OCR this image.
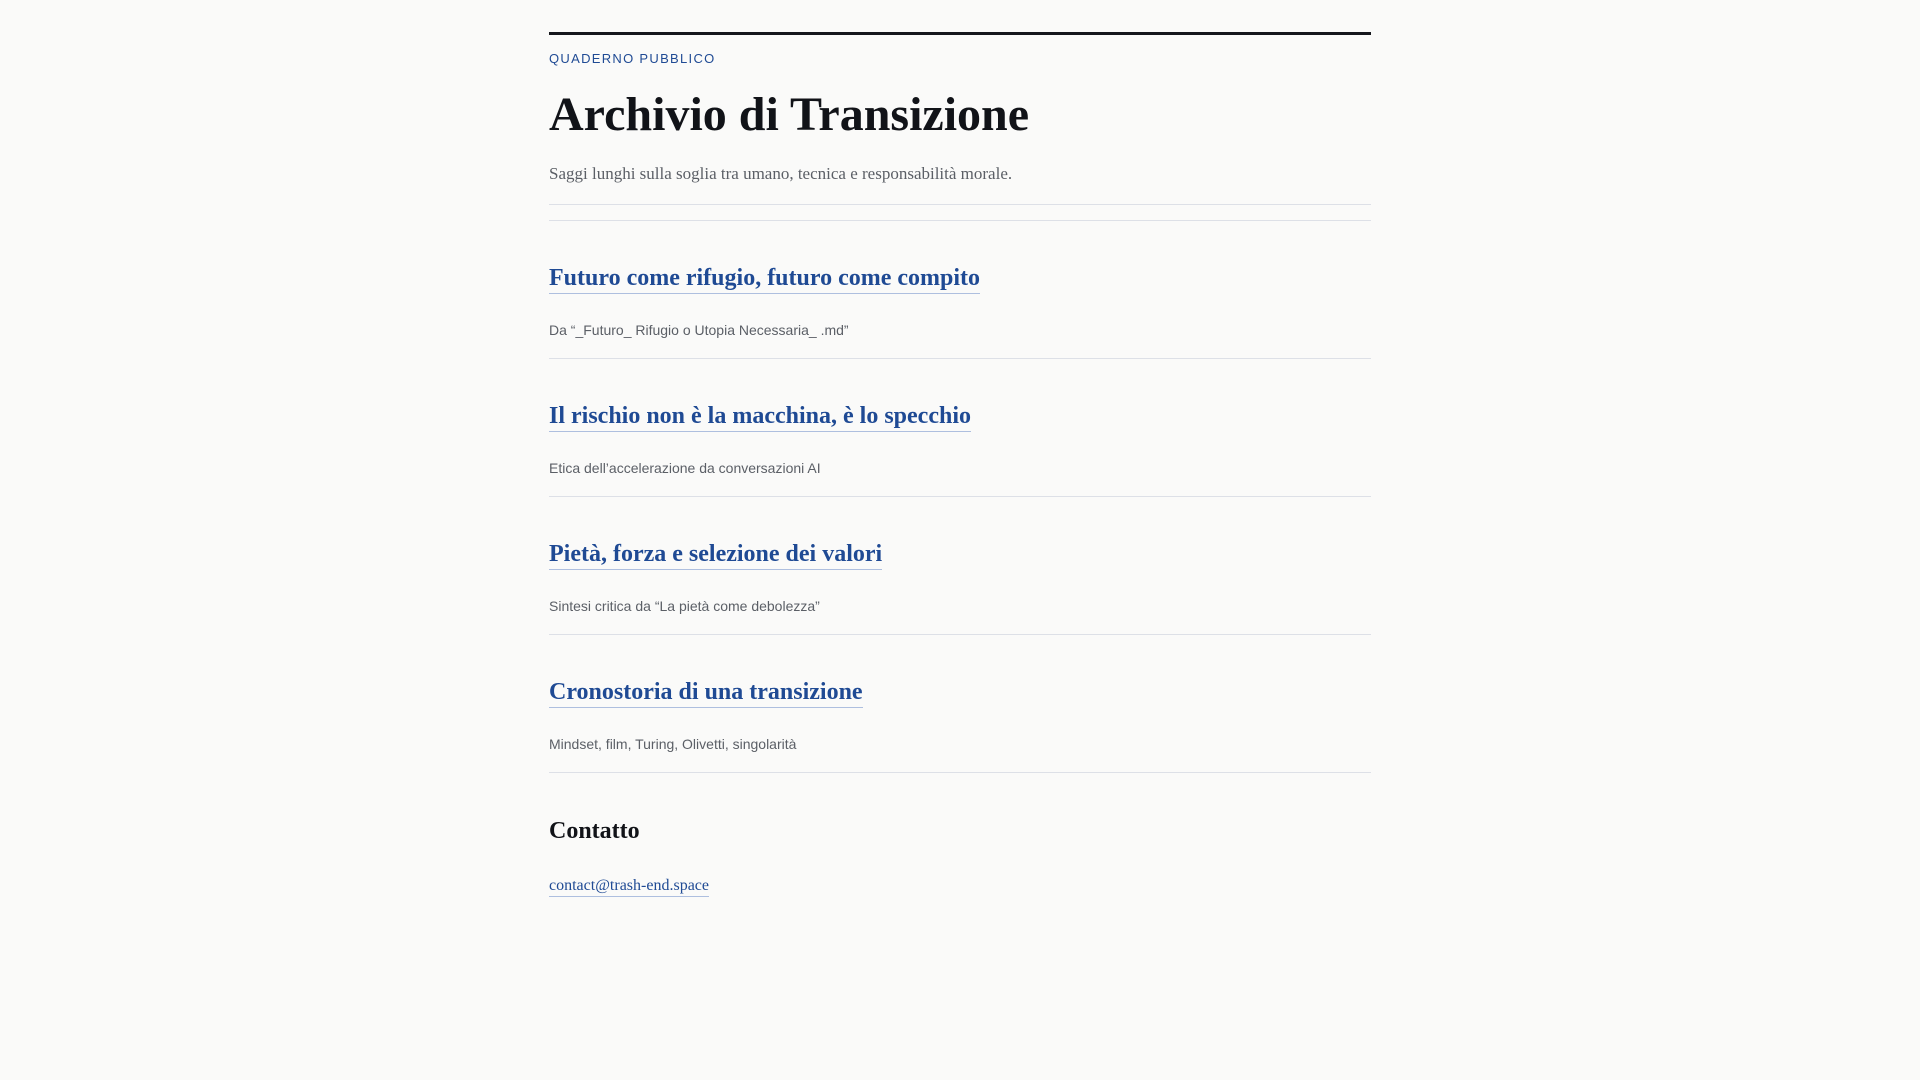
QUADERNO PUBBLICO
Archivio di Transizione

Saggi lunghi sulla soglia tra umano, tecnica e responsabilità morale.

Futuro come rifugio, futuro come compito
Da “_Futuro_ Rifugio o Utopia Necessaria_ .md”
Il rischio non è la macchina, è lo specchio
Etica dell’accelerazione da conversazioni AI
Pietà, forza e selezione dei valori
Sintesi critica da “La pietà come debolezza”
Cronostoria di una transizione
Mindset, film, Turing, Olivetti, singolarità
Contatto
contact@trash-end.space
